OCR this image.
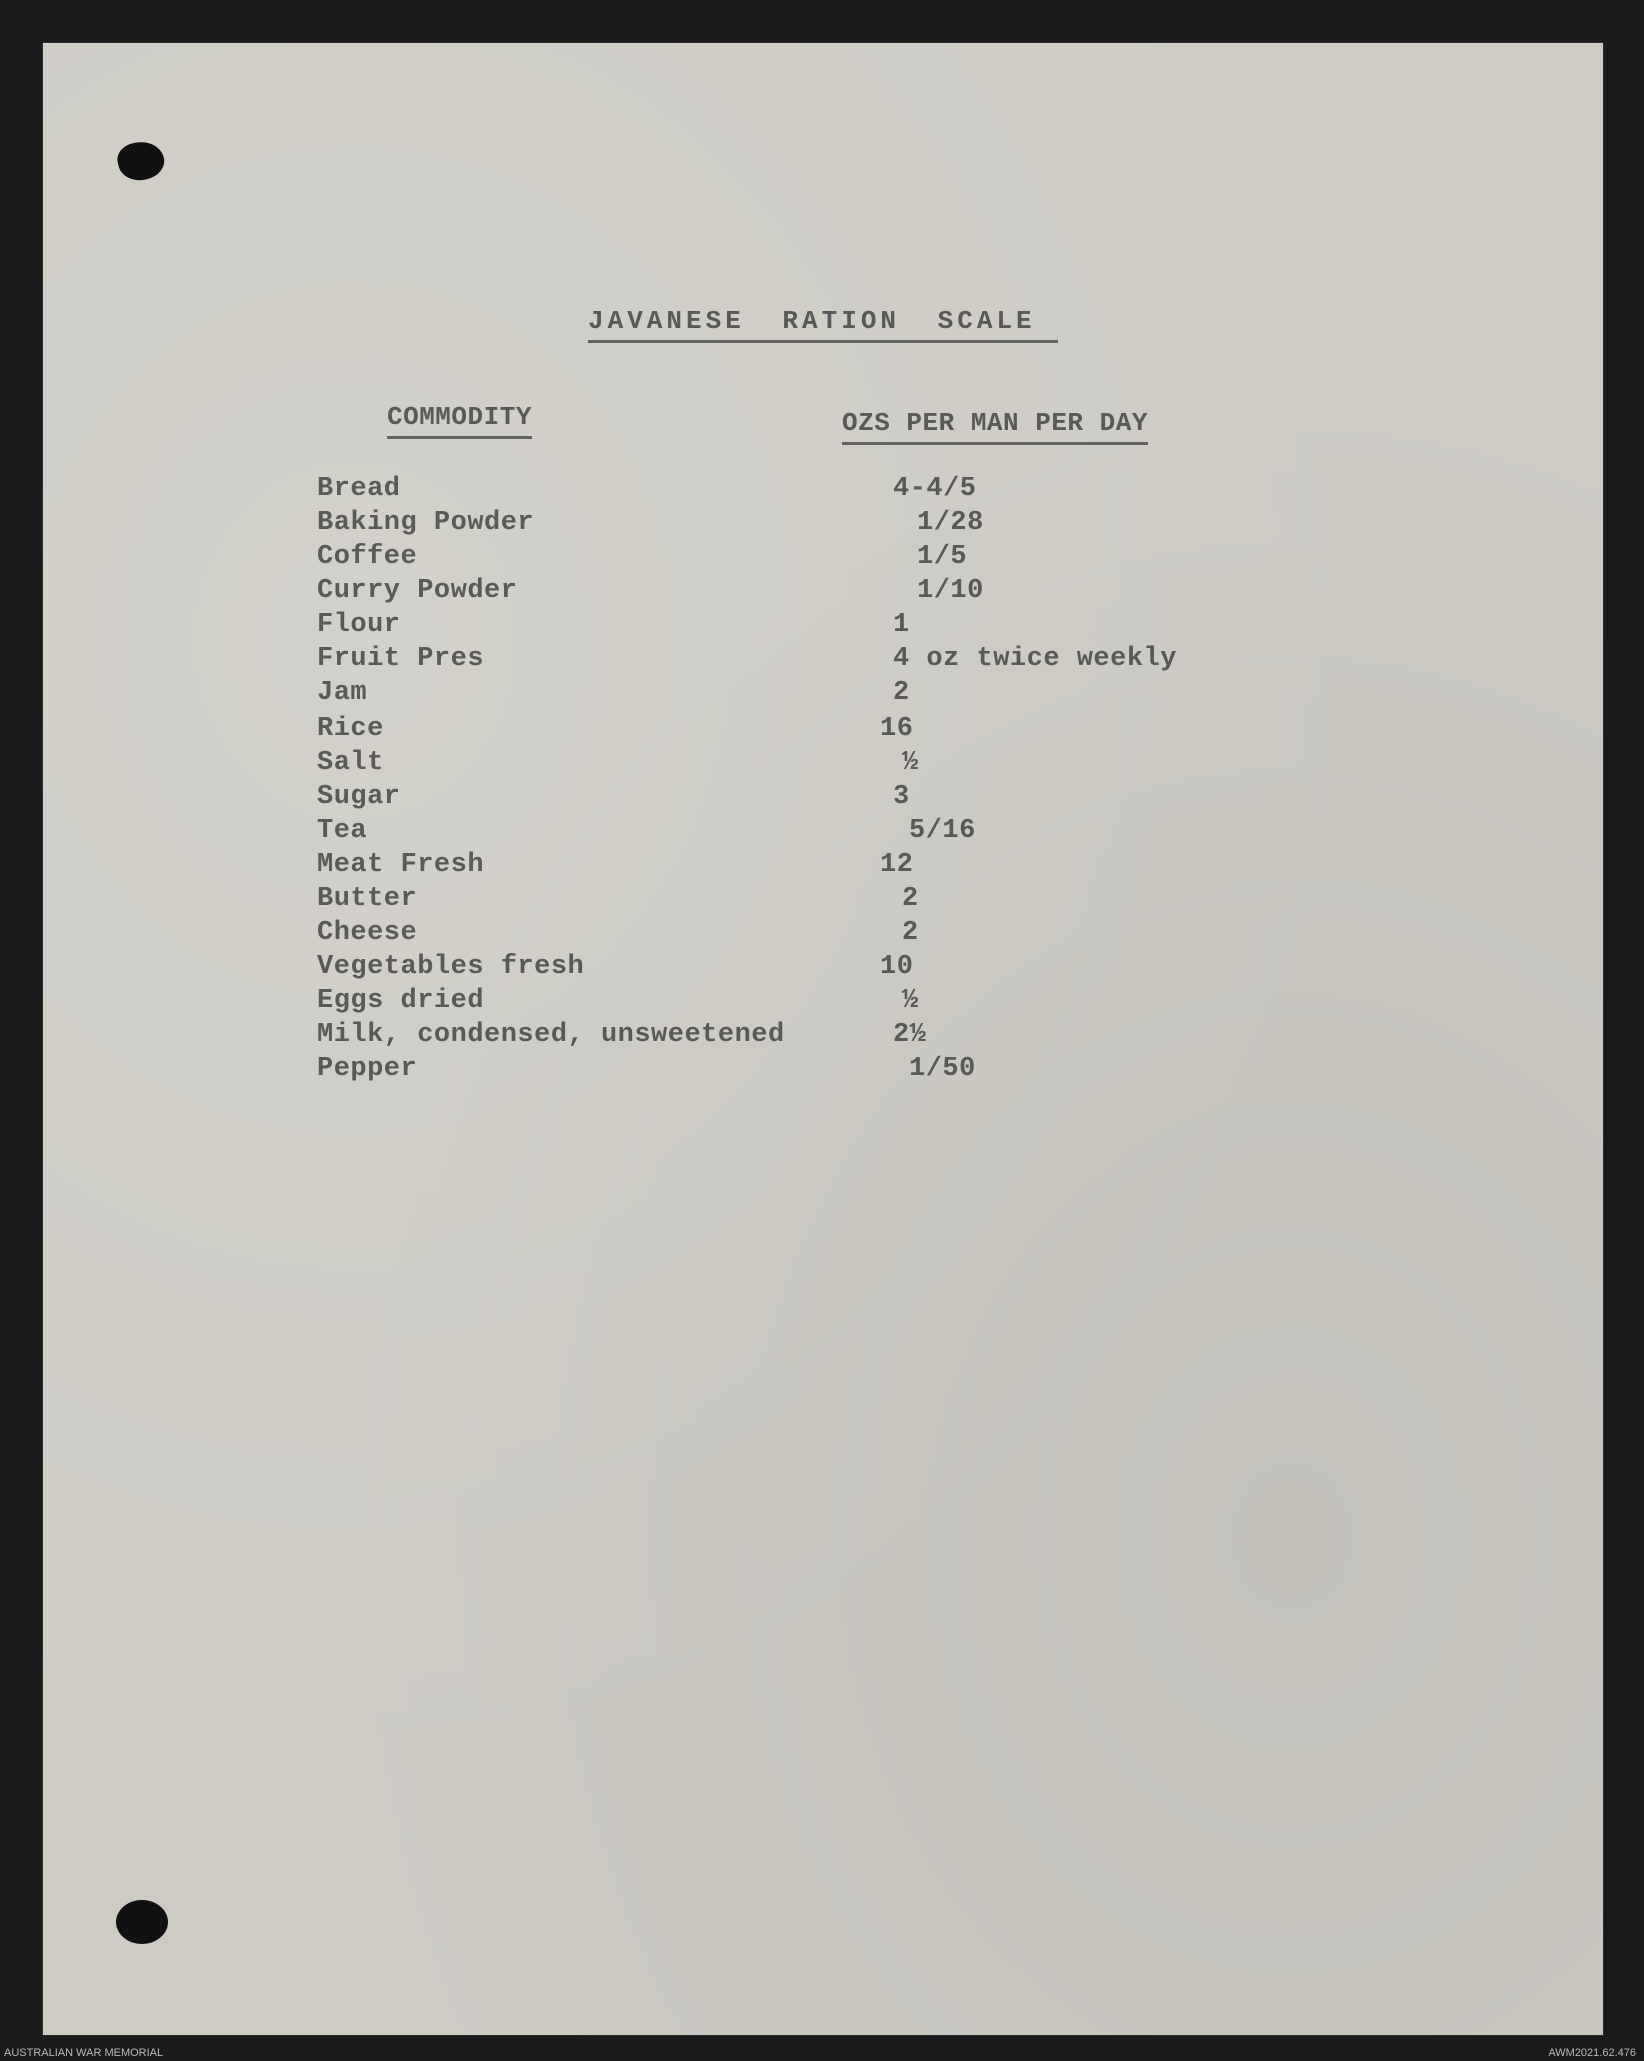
JAVANESE RATION SCALE
COMMODITY	OZS PER MAN PER DAY
Bread	4-4/5
Baking Powder	1/28
Coffee	1/5
Curry Powder	1/10
Flour	1
Fruit Pres	4 oz twice weekly
Jam	2
Rice	16
Salt	½
Sugar	3
Tea	5/16
Meat Fresh	12
Butter	2
Cheese	2
Vegetables fresh	10
Eggs dried	½
Milk, condensed, unsweetened	2½
Pepper	1/50
AUSTRALIAN WAR MEMORIAL	AWM2021.62.476
